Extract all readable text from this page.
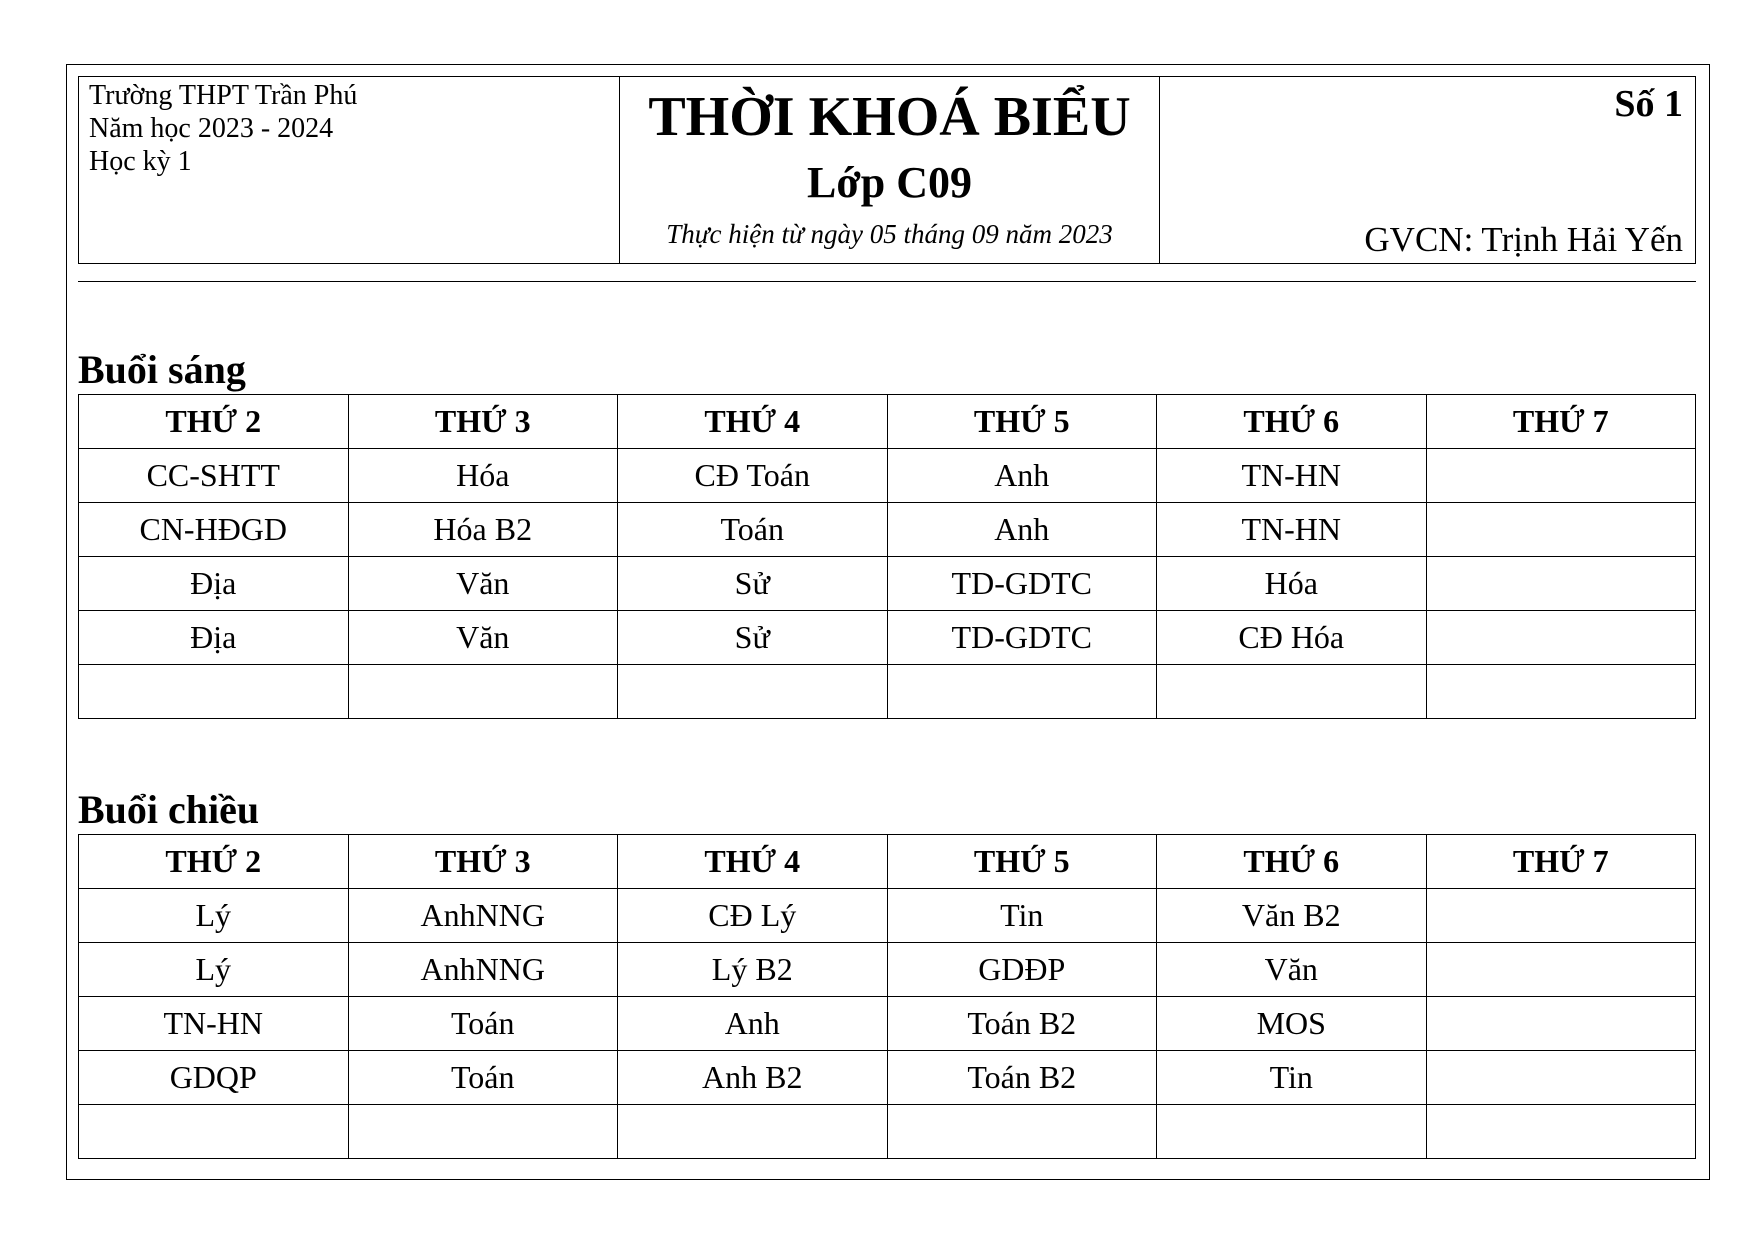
Trường THPT Trần Phú
Năm học 2023 - 2024
Học kỳ 1
THỜI KHOÁ BIỂU
Lớp C09
Thực hiện từ ngày 05 tháng 09 năm 2023
Số 1
GVCN: Trịnh Hải Yến
Buổi sáng
THỨ 2	THỨ 3	THỨ 4	THỨ 5	THỨ 6	THỨ 7
CC-SHTT	Hóa	CĐ Toán	Anh	TN-HN	
CN-HĐGD	Hóa B2	Toán	Anh	TN-HN	
Địa	Văn	Sử	TD-GDTC	Hóa	
Địa	Văn	Sử	TD-GDTC	CĐ Hóa	

Buổi chiều
THỨ 2	THỨ 3	THỨ 4	THỨ 5	THỨ 6	THỨ 7
Lý	AnhNNG	CĐ Lý	Tin	Văn B2	
Lý	AnhNNG	Lý B2	GDĐP	Văn	
TN-HN	Toán	Anh	Toán B2	MOS	
GDQP	Toán	Anh B2	Toán B2	Tin	
